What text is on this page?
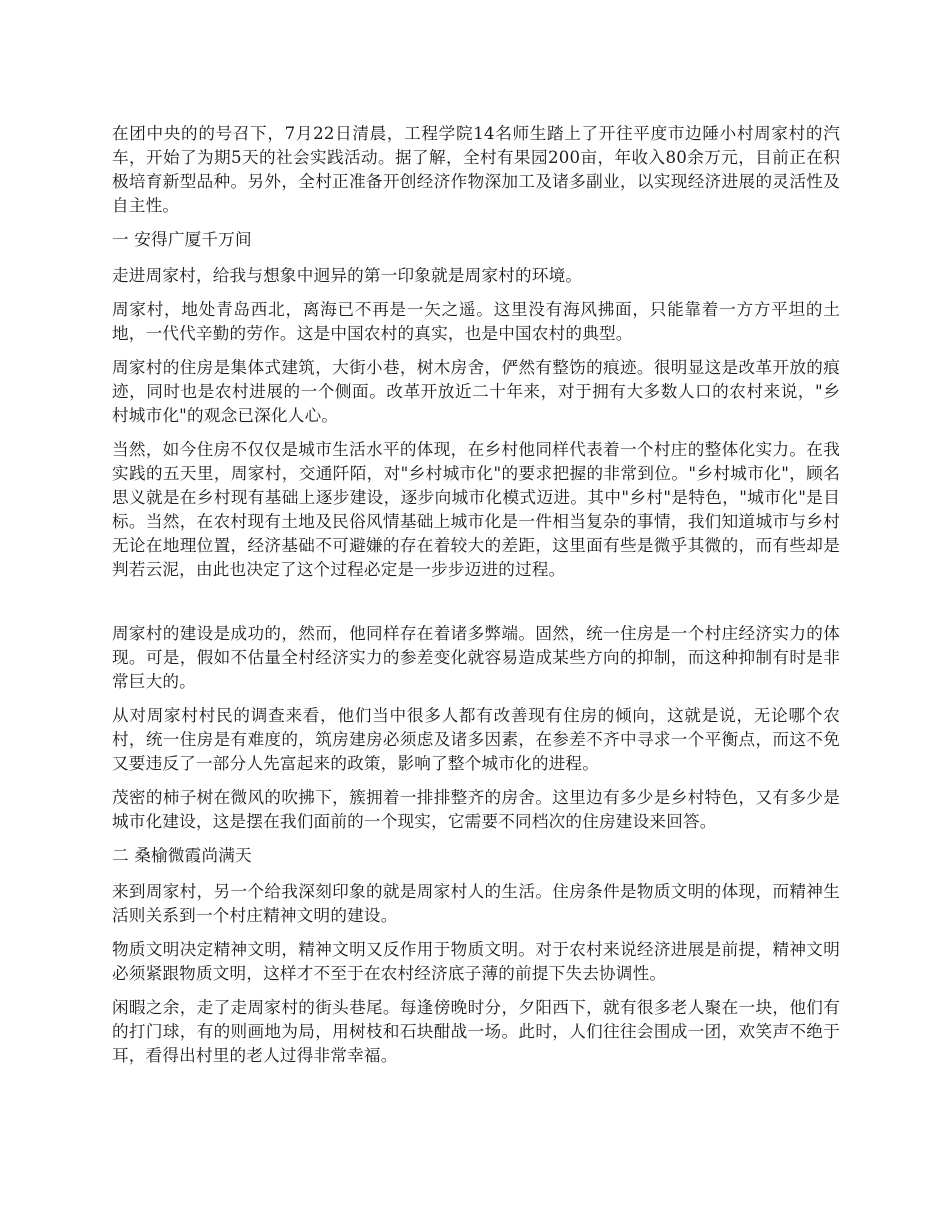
在团中央的的号召下，7月22日清晨，工程学院14名师生踏上了开往平度市边陲小村周家村的汽车，开始了为期5天的社会实践活动。据了解，全村有果园200亩，年收入80余万元，目前正在积极培育新型品种。另外，全村正准备开创经济作物深加工及诸多副业，以实现经济进展的灵活性及自主性。

一 安得广厦千万间

走进周家村，给我与想象中迥异的第一印象就是周家村的环境。

周家村，地处青岛西北，离海已不再是一矢之遥。这里没有海风拂面，只能靠着一方方平坦的土地，一代代辛勤的劳作。这是中国农村的真实，也是中国农村的典型。

周家村的住房是集体式建筑，大街小巷，树木房舍，俨然有整饬的痕迹。很明显这是改革开放的痕迹，同时也是农村进展的一个侧面。改革开放近二十年来，对于拥有大多数人口的农村来说，"乡村城市化"的观念已深化人心。

当然，如今住房不仅仅是城市生活水平的体现，在乡村他同样代表着一个村庄的整体化实力。在我实践的五天里，周家村，交通阡陌，对"乡村城市化"的要求把握的非常到位。"乡村城市化"，顾名思义就是在乡村现有基础上逐步建设，逐步向城市化模式迈进。其中"乡村"是特色，"城市化"是目标。当然，在农村现有土地及民俗风情基础上城市化是一件相当复杂的事情，我们知道城市与乡村无论在地理位置，经济基础不可避嫌的存在着较大的差距，这里面有些是微乎其微的，而有些却是判若云泥，由此也决定了这个过程必定是一步步迈进的过程。

周家村的建设是成功的，然而，他同样存在着诸多弊端。固然，统一住房是一个村庄经济实力的体现。可是，假如不估量全村经济实力的参差变化就容易造成某些方向的抑制，而这种抑制有时是非常巨大的。

从对周家村村民的调查来看，他们当中很多人都有改善现有住房的倾向，这就是说，无论哪个农村，统一住房是有难度的，筑房建房必须虑及诸多因素，在参差不齐中寻求一个平衡点，而这不免又要违反了一部分人先富起来的政策，影响了整个城市化的进程。

茂密的柿子树在微风的吹拂下，簇拥着一排排整齐的房舍。这里边有多少是乡村特色，又有多少是城市化建设，这是摆在我们面前的一个现实，它需要不同档次的住房建设来回答。

二 桑榆微霞尚满天

来到周家村，另一个给我深刻印象的就是周家村人的生活。住房条件是物质文明的体现，而精神生活则关系到一个村庄精神文明的建设。

物质文明决定精神文明，精神文明又反作用于物质文明。对于农村来说经济进展是前提，精神文明必须紧跟物质文明，这样才不至于在农村经济底子薄的前提下失去协调性。

闲暇之余，走了走周家村的街头巷尾。每逢傍晚时分，夕阳西下，就有很多老人聚在一块，他们有的打门球，有的则画地为局，用树枝和石块酣战一场。此时，人们往往会围成一团，欢笑声不绝于耳，看得出村里的老人过得非常幸福。
